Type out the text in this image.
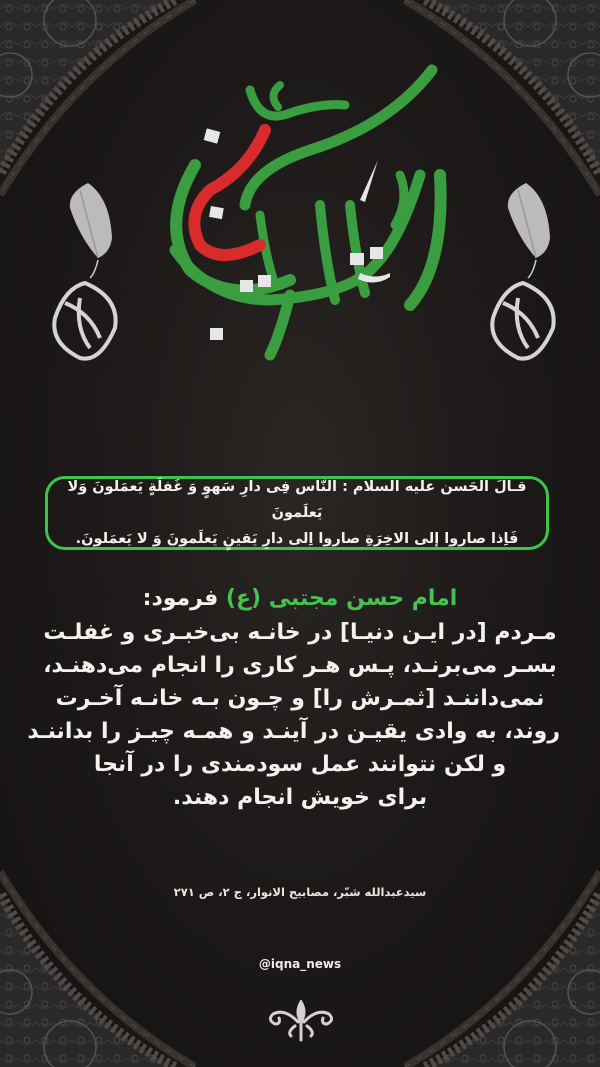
قـالَ الحَسن علیه السلام : النّاس فِی دارِ سَهوٍ وَ غَفلَةٍ یَعمَلونَ وَلا یَعلَمونَ
فَاِذا صاروا إلی الاخِرَةِ صاروا اِلی دارِ یَقینٍ یَعلَمونَ وَ لا یَعمَلونَ.
امام حسن مجتبی (ع) فرمود:
مـردم [در ایـن دنیـا] در خانـه بی‌خبـری و غفلـت
بسـر می‌برنـد، پـس هـر کاری را انجام می‌دهنـد،
نمی‌داننـد [ثمـرش را] و چـون بـه خانـه آخـرت
روند، به وادی یقیـن در آینـد و همـه چیـز را بداننـد
و لکن نتوانند عمل سودمندی را در آنجا
برای خویش انجام دهند.
سیدعبدالله شبّر، مصابیح الانوار، ج ۲، ص ۲۷۱
@iqna_news
